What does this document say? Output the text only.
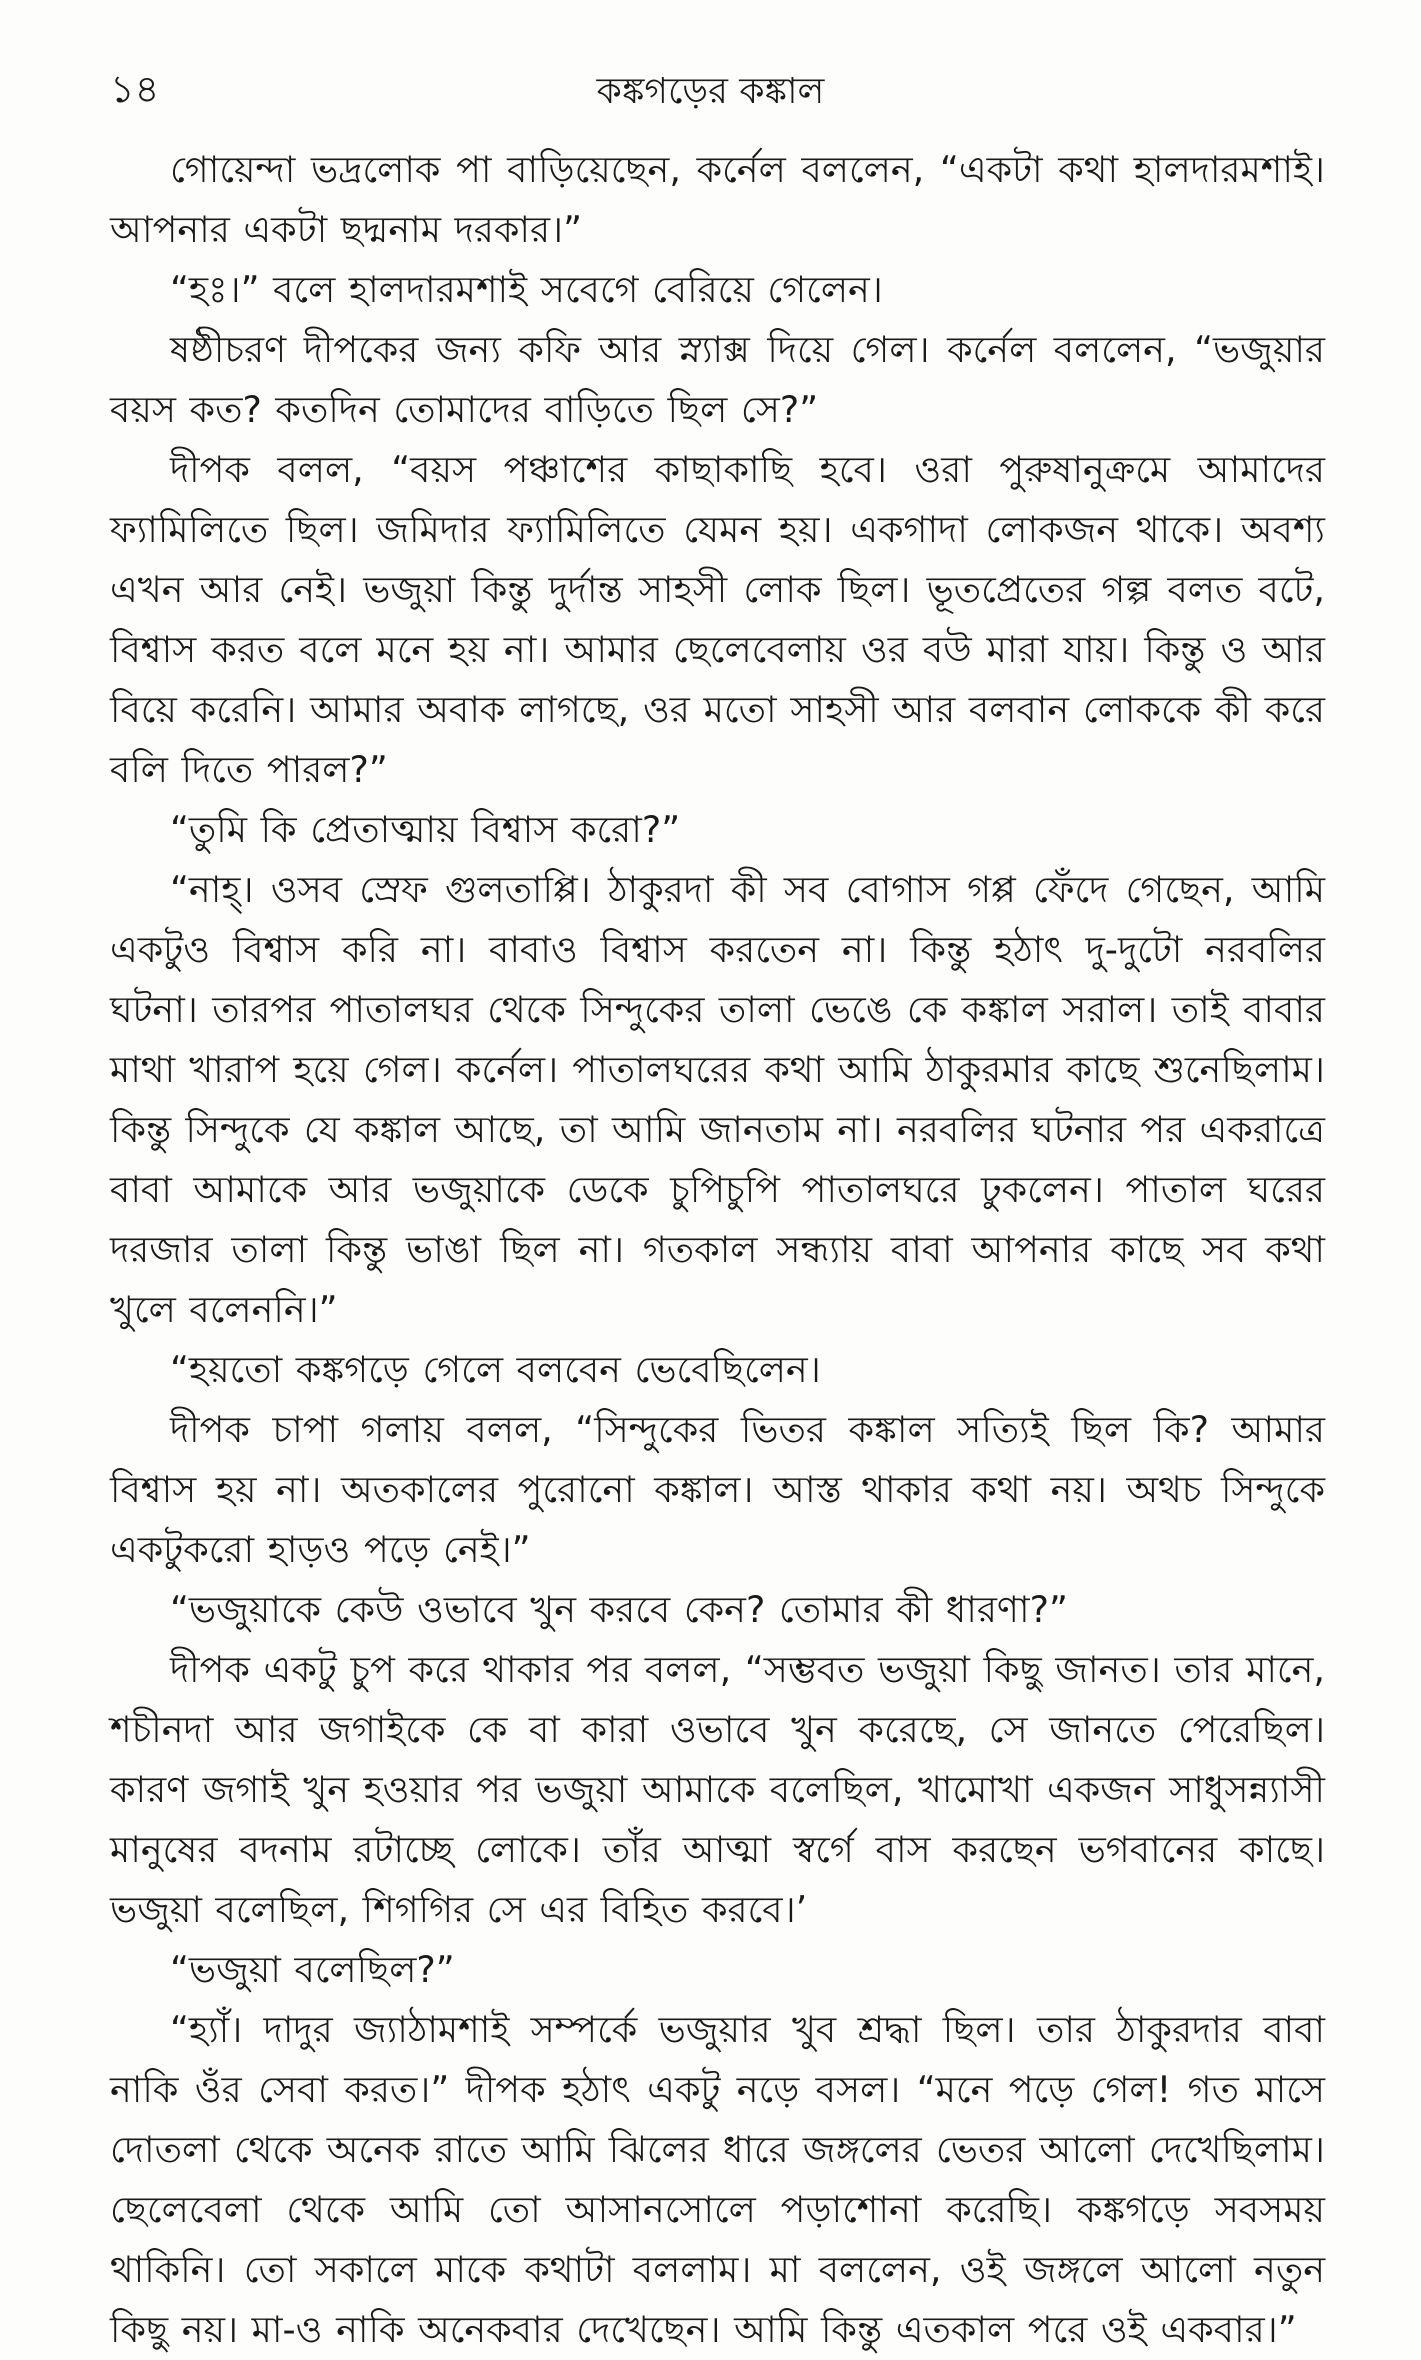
১৪	কঙ্কগড়ের কঙ্কাল

গোয়েন্দা ভদ্রলোক পা বাড়িয়েছেন, কর্নেল বললেন, “একটা কথা হালদারমশাই। আপনার একটা ছদ্মনাম দরকার।”

“হঃ।” বলে হালদারমশাই সবেগে বেরিয়ে গেলেন।

ষষ্ঠীচরণ দীপকের জন্য কফি আর স্ন্যাক্স দিয়ে গেল। কর্নেল বললেন, “ভজুয়ার বয়স কত? কতদিন তোমাদের বাড়িতে ছিল সে?”

দীপক বলল, “বয়স পঞ্চাশের কাছাকাছি হবে। ওরা পুরুষানুক্রমে আমাদের ফ্যামিলিতে ছিল। জমিদার ফ্যামিলিতে যেমন হয়। একগাদা লোকজন থাকে। অবশ্য এখন আর নেই। ভজুয়া কিন্তু দুর্দান্ত সাহসী লোক ছিল। ভূতপ্রেতের গল্প বলত বটে, বিশ্বাস করত বলে মনে হয় না। আমার ছেলেবেলায় ওর বউ মারা যায়। কিন্তু ও আর বিয়ে করেনি। আমার অবাক লাগছে, ওর মতো সাহসী আর বলবান লোককে কী করে বলি দিতে পারল?”

“তুমি কি প্রেতাত্মায় বিশ্বাস করো?”

“নাহ্। ওসব স্রেফ গুলতাপ্পি। ঠাকুরদা কী সব বোগাস গপ্প ফেঁদে গেছেন, আমি একটুও বিশ্বাস করি না। বাবাও বিশ্বাস করতেন না। কিন্তু হঠাৎ দু-দুটো নরবলির ঘটনা। তারপর পাতালঘর থেকে সিন্দুকের তালা ভেঙে কে কঙ্কাল সরাল। তাই বাবার মাথা খারাপ হয়ে গেল। কর্নেল। পাতালঘরের কথা আমি ঠাকুরমার কাছে শুনেছিলাম। কিন্তু সিন্দুকে যে কঙ্কাল আছে, তা আমি জানতাম না। নরবলির ঘটনার পর একরাত্রে বাবা আমাকে আর ভজুয়াকে ডেকে চুপিচুপি পাতালঘরে ঢুকলেন। পাতাল ঘরের দরজার তালা কিন্তু ভাঙা ছিল না। গতকাল সন্ধ্যায় বাবা আপনার কাছে সব কথা খুলে বলেননি।”

“হয়তো কঙ্কগড়ে গেলে বলবেন ভেবেছিলেন।

দীপক চাপা গলায় বলল, “সিন্দুকের ভিতর কঙ্কাল সত্যিই ছিল কি? আমার বিশ্বাস হয় না। অতকালের পুরোনো কঙ্কাল। আস্ত থাকার কথা নয়। অথচ সিন্দুকে একটুকরো হাড়ও পড়ে নেই।”

“ভজুয়াকে কেউ ওভাবে খুন করবে কেন? তোমার কী ধারণা?”

দীপক একটু চুপ করে থাকার পর বলল, “সম্ভবত ভজুয়া কিছু জানত। তার মানে, শচীনদা আর জগাইকে কে বা কারা ওভাবে খুন করেছে, সে জানতে পেরেছিল। কারণ জগাই খুন হওয়ার পর ভজুয়া আমাকে বলেছিল, খামোখা একজন সাধুসন্ন্যাসী মানুষের বদনাম রটাচ্ছে লোকে। তাঁর আত্মা স্বর্গে বাস করছেন ভগবানের কাছে। ভজুয়া বলেছিল, শিগগির সে এর বিহিত করবে।’

“ভজুয়া বলেছিল?”

“হ্যাঁ। দাদুর জ্যাঠামশাই সম্পর্কে ভজুয়ার খুব শ্রদ্ধা ছিল। তার ঠাকুরদার বাবা নাকি ওঁর সেবা করত।” দীপক হঠাৎ একটু নড়ে বসল। “মনে পড়ে গেল! গত মাসে দোতলা থেকে অনেক রাতে আমি ঝিলের ধারে জঙ্গলের ভেতর আলো দেখেছিলাম। ছেলেবেলা থেকে আমি তো আসানসোলে পড়াশোনা করেছি। কঙ্কগড়ে সবসময় থাকিনি। তো সকালে মাকে কথাটা বললাম। মা বললেন, ওই জঙ্গলে আলো নতুন কিছু নয়। মা-ও নাকি অনেকবার দেখেছেন। আমি কিন্তু এতকাল পরে ওই একবার।”
